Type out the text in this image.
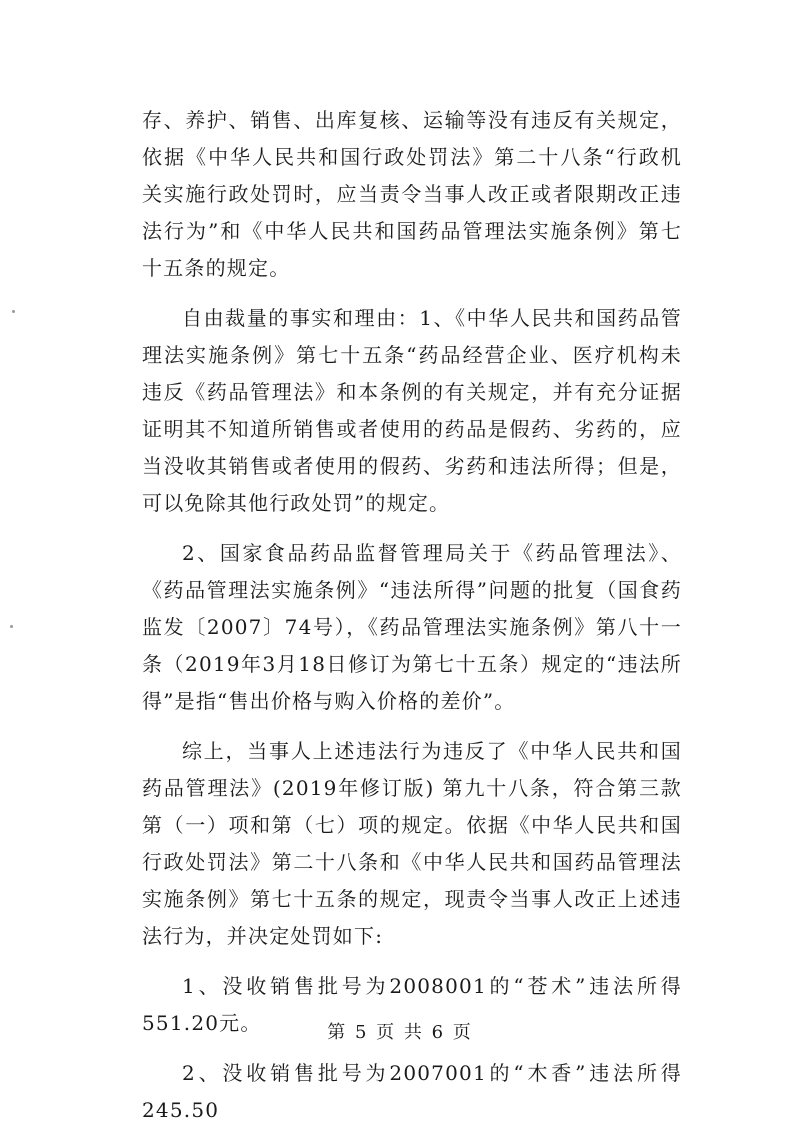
存、养护、销售、出库复核、运输等没有违反有关规定，依据《中华人民共和国行政处罚法》第二十八条“行政机关实施行政处罚时，应当责令当事人改正或者限期改正违法行为”和《中华人民共和国药品管理法实施条例》第七十五条的规定。

自由裁量的事实和理由：1、《中华人民共和国药品管理法实施条例》第七十五条“药品经营企业、医疗机构未违反《药品管理法》和本条例的有关规定，并有充分证据证明其不知道所销售或者使用的药品是假药、劣药的，应当没收其销售或者使用的假药、劣药和违法所得；但是，可以免除其他行政处罚”的规定。

2、国家食品药品监督管理局关于《药品管理法》、《药品管理法实施条例》“违法所得”问题的批复（国食药监发〔2007〕74号），《药品管理法实施条例》第八十一条（2019年3月18日修订为第七十五条）规定的“违法所得”是指“售出价格与购入价格的差价”。

综上，当事人上述违法行为违反了《中华人民共和国药品管理法》(2019年修订版) 第九十八条，符合第三款第（一）项和第（七）项的规定。依据《中华人民共和国行政处罚法》第二十八条和《中华人民共和国药品管理法实施条例》第七十五条的规定，现责令当事人改正上述违法行为，并决定处罚如下:

1、没收销售批号为2008001的“苍术”违法所得551.20元。

2、没收销售批号为2007001的“木香”违法所得245.50

第 5 页 共 6 页
